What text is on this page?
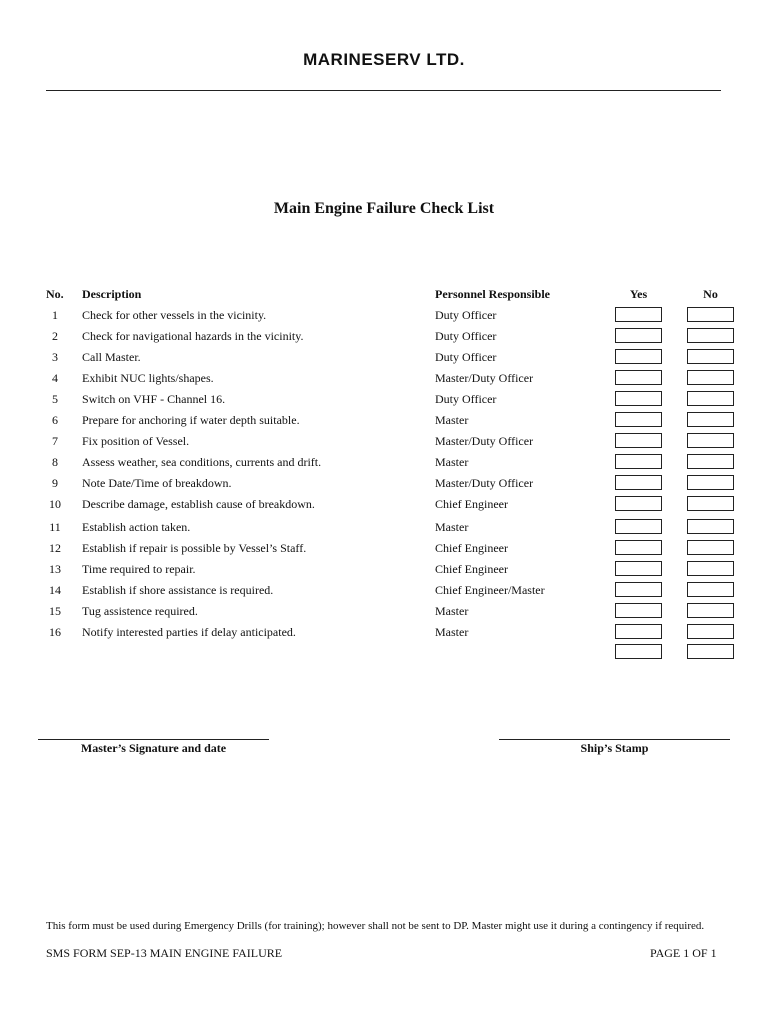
MARINESERV LTD.
Main Engine Failure Check List
No. Description	Personnel Responsible	Yes	No
1	Check for other vessels in the vicinity.	Duty Officer
2	Check for navigational hazards in the vicinity.	Duty Officer
3	Call Master.	Duty Officer
4	Exhibit NUC lights/shapes.	Master/Duty Officer
5	Switch on VHF - Channel 16.	Duty Officer
6	Prepare for anchoring if water depth suitable.	Master
7	Fix position of Vessel.	Master/Duty Officer
8	Assess weather, sea conditions, currents and drift.	Master
9	Note Date/Time of breakdown.	Master/Duty Officer
10	Describe damage, establish cause of breakdown.	Chief Engineer
11	Establish action taken.	Master
12	Establish if repair is possible by Vessel’s Staff.	Chief Engineer
13	Time required to repair.	Chief Engineer
14	Establish if shore assistance is required.	Chief Engineer/Master
15	Tug assistence required.	Master
16	Notify interested parties if delay anticipated.	Master
Master’s Signature and date	Ship’s Stamp
This form must be used during Emergency Drills (for training); however shall not be sent to DP. Master might use it during a contingency if required.
SMS FORM SEP-13 MAIN ENGINE FAILURE	PAGE 1 OF 1
